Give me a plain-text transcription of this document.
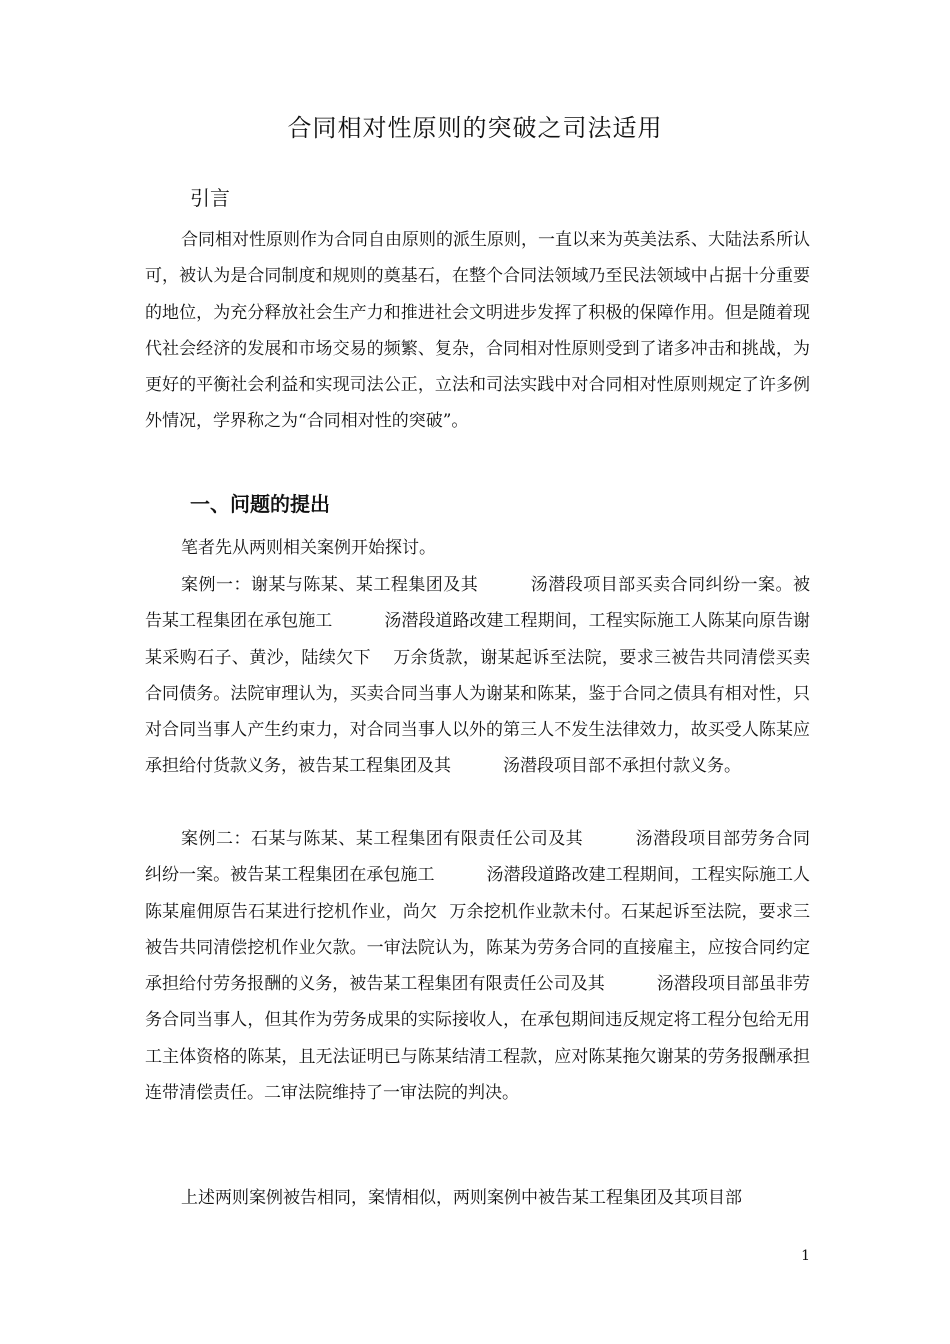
合同相对性原则的突破之司法适用
引言

合同相对性原则作为合同自由原则的派生原则，一直以来为英美法系、大陆法系所认可，被认为是合同制度和规则的奠基石，在整个合同法领域乃至民法领域中占据十分重要的地位，为充分释放社会生产力和推进社会文明进步发挥了积极的保障作用。但是随着现代社会经济的发展和市场交易的频繁、复杂，合同相对性原则受到了诸多冲击和挑战，为更好的平衡社会利益和实现司法公正，立法和司法实践中对合同相对性原则规定了许多例外情况，学界称之为“合同相对性的突破”。

一、问题的提出

笔者先从两则相关案例开始探讨。

案例一：谢某与陈某、某工程集团及其	汤潜段项目部买卖合同纠纷一案。被告某工程集团在承包施工	汤潜段道路改建工程期间，工程实际施工人陈某向原告谢某采购石子、黄沙，陆续欠下 万余货款，谢某起诉至法院，要求三被告共同清偿买卖合同债务。法院审理认为，买卖合同当事人为谢某和陈某，鉴于合同之债具有相对性，只对合同当事人产生约束力，对合同当事人以外的第三人不发生法律效力，故买受人陈某应承担给付货款义务，被告某工程集团及其	汤潜段项目部不承担付款义务。

案例二：石某与陈某、某工程集团有限责任公司及其	汤潜段项目部劳务合同纠纷一案。被告某工程集团在承包施工	汤潜段道路改建工程期间，工程实际施工人陈某雇佣原告石某进行挖机作业，尚欠 万余挖机作业款未付。石某起诉至法院，要求三被告共同清偿挖机作业欠款。一审法院认为，陈某为劳务合同的直接雇主，应按合同约定承担给付劳务报酬的义务，被告某工程集团有限责任公司及其	汤潜段项目部虽非劳务合同当事人，但其作为劳务成果的实际接收人，在承包期间违反规定将工程分包给无用工主体资格的陈某，且无法证明已与陈某结清工程款，应对陈某拖欠谢某的劳务报酬承担连带清偿责任。二审法院维持了一审法院的判决。

上述两则案例被告相同，案情相似，两则案例中被告某工程集团及其项目部

1
